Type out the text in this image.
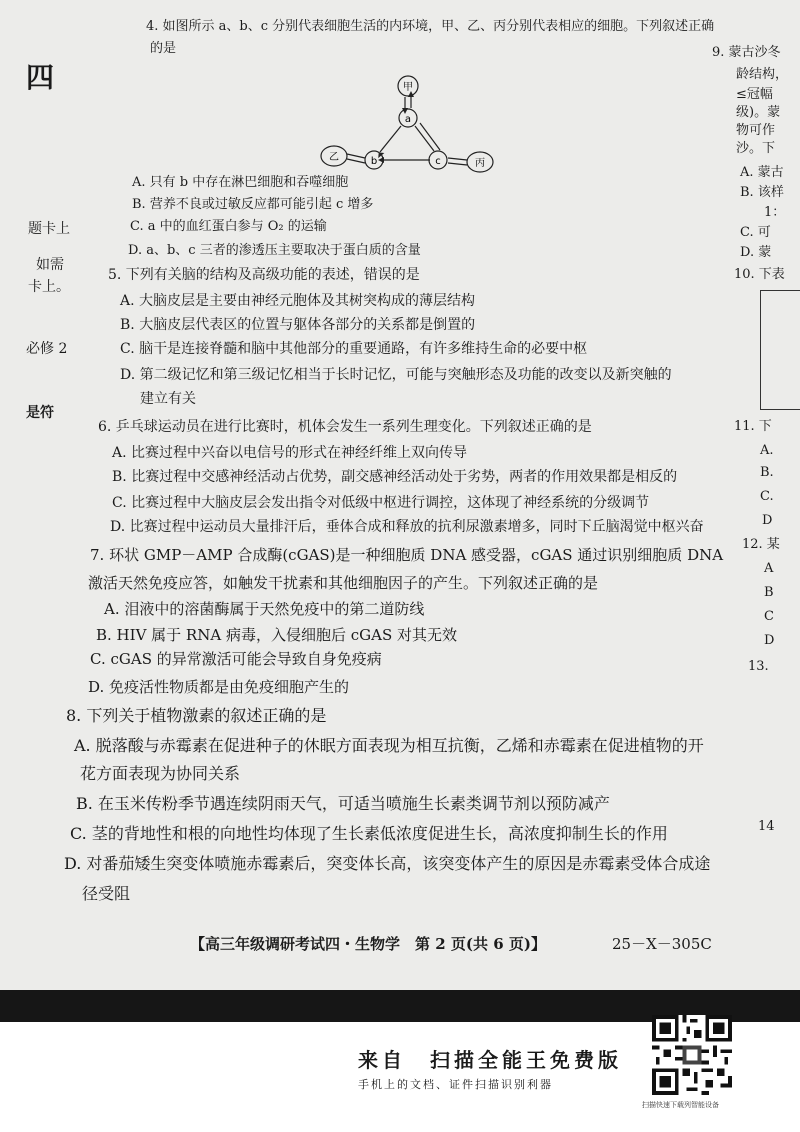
四
题卡上
如需
卡上。
必修 2
是符
9. 蒙古沙冬
龄结构，
≤冠幅
级)。蒙
物可作
沙。下
A. 蒙古
B. 该样
1：
C. 可
D. 蒙
10. 下表
11. 下
A.
B.
C.
D
12. 某
A
B
C
D
13.
14
4. 如图所示 a、b、c 分别代表细胞生活的内环境，甲、乙、丙分别代表相应的细胞。下列叙述正确
的是
甲
a
b	c
乙
丙
A. 只有 b 中存在淋巴细胞和吞噬细胞
B. 营养不良或过敏反应都可能引起 c 增多
C. a 中的血红蛋白参与 O₂ 的运输
D. a、b、c 三者的渗透压主要取决于蛋白质的含量
5. 下列有关脑的结构及高级功能的表述，错误的是
A. 大脑皮层是主要由神经元胞体及其树突构成的薄层结构
B. 大脑皮层代表区的位置与躯体各部分的关系都是倒置的
C. 脑干是连接脊髓和脑中其他部分的重要通路，有许多维持生命的必要中枢
D. 第二级记忆和第三级记忆相当于长时记忆，可能与突触形态及功能的改变以及新突触的
建立有关
6. 乒乓球运动员在进行比赛时，机体会发生一系列生理变化。下列叙述正确的是
A. 比赛过程中兴奋以电信号的形式在神经纤维上双向传导
B. 比赛过程中交感神经活动占优势，副交感神经活动处于劣势，两者的作用效果都是相反的
C. 比赛过程中大脑皮层会发出指令对低级中枢进行调控，这体现了神经系统的分级调节
D. 比赛过程中运动员大量排汗后，垂体合成和释放的抗利尿激素增多，同时下丘脑渴觉中枢兴奋
7. 环状 GMP－AMP 合成酶(cGAS)是一种细胞质 DNA 感受器，cGAS 通过识别细胞质 DNA
激活天然免疫应答，如触发干扰素和其他细胞因子的产生。下列叙述正确的是
A. 泪液中的溶菌酶属于天然免疫中的第二道防线
B. HIV 属于 RNA 病毒，入侵细胞后 cGAS 对其无效
C. cGAS 的异常激活可能会导致自身免疫病
D. 免疫活性物质都是由免疫细胞产生的
8. 下列关于植物激素的叙述正确的是
A. 脱落酸与赤霉素在促进种子的休眠方面表现为相互抗衡，乙烯和赤霉素在促进植物的开
花方面表现为协同关系
B. 在玉米传粉季节遇连续阴雨天气，可适当喷施生长素类调节剂以预防减产
C. 茎的背地性和根的向地性均体现了生长素低浓度促进生长，高浓度抑制生长的作用
D. 对番茄矮生突变体喷施赤霉素后，突变体长高，该突变体产生的原因是赤霉素受体合成途
径受阻
【高三年级调研考试四・生物学　第 2 页(共 6 页)】	25－X－305C
来自　扫描全能王免费版
手机上的文档、证件扫描识别利器
扫描快速下载列智能设备
